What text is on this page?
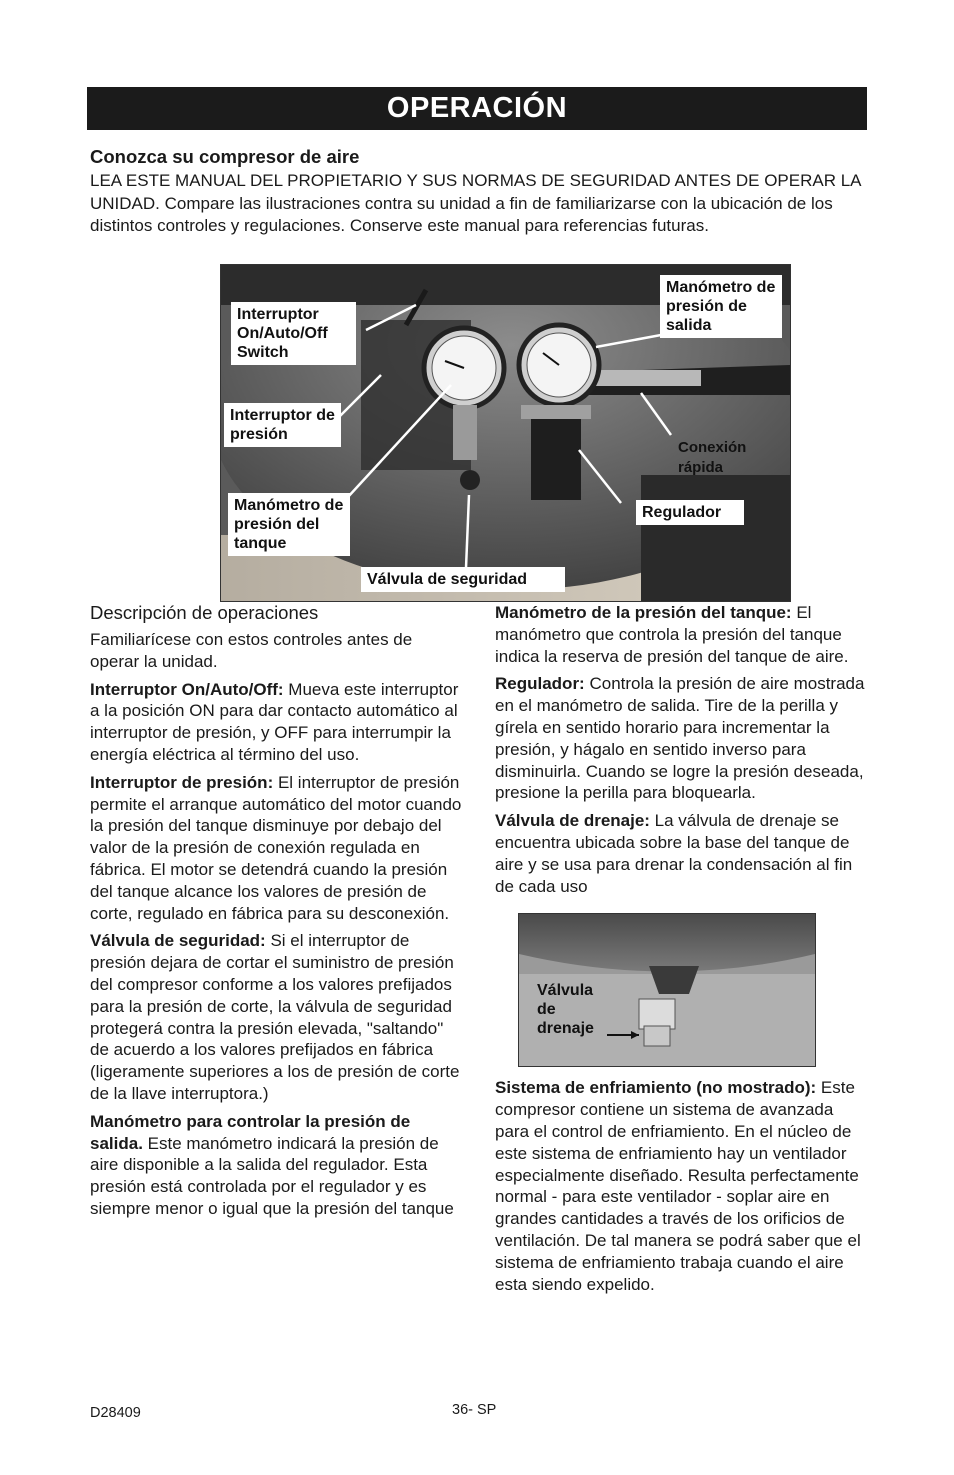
OPERACIÓN
Conozca su compresor de aire

LEA ESTE MANUAL DEL PROPIETARIO Y SUS NORMAS DE SEGURIDAD ANTES DE OPERAR LA UNIDAD. Compare las ilustraciones contra su unidad a fin de familiarizarse con la ubicación de los distintos controles y regulaciones. Conserve este manual para referencias futuras.

Interruptor On/Auto/Off Switch
Interruptor de presión
Manómetro de presión del tanque
Válvula de seguridad
Manómetro de presión de salida
Conexión rápida
Regulador
Descripción de operaciones

Familiarícese con estos controles antes de operar la unidad.

Interruptor On/Auto/Off: Mueva este interruptor a la posición ON para dar contacto automático al interruptor de presión, y OFF para interrumpir la energía eléctrica al término del uso.

Interruptor de presión: El interruptor de presión permite el arranque automático del motor cuando la presión del tanque disminuye por debajo del valor de la presión de conexión regulada en fábrica. El motor se detendrá cuando la presión del tanque alcance los valores de presión de corte, regulado en fábrica para su desconexión.

Válvula de seguridad: Si el interruptor de presión dejara de cortar el suministro de presión del compresor conforme a los valores prefijados para la presión de corte, la válvula de seguridad protegerá contra la presión elevada, "saltando" de acuerdo a los valores prefijados en fábrica (ligeramente superiores a los de presión de corte de la llave interruptora.)

Manómetro para controlar la presión de salida. Este manómetro indicará la presión de aire disponible a la salida del regulador. Esta presión está controlada por el regulador y es siempre menor o igual que la presión del tanque

Manómetro de la presión del tanque: El manómetro que controla la presión del tanque indica la reserva de presión del tanque de aire.

Regulador: Controla la presión de aire mostrada en el manómetro de salida. Tire de la perilla y gírela en sentido horario para incrementar la presión, y hágalo en sentido inverso para disminuirla. Cuando se logre la presión deseada, presione la perilla para bloquearla.

Válvula de drenaje: La válvula de drenaje se encuentra ubicada sobre la base del tanque de aire y se usa para drenar la condensación al fin de cada uso

Válvula de drenaje

Sistema de enfriamiento (no mostrado): Este compresor contiene un sistema de avanzada para el control de enfriamiento. En el núcleo de este sistema de enfriamiento hay un ventilador especialmente diseñado. Resulta perfectamente normal - para este ventilador - soplar aire en grandes cantidades a través de los orificios de ventilación. De tal manera se podrá saber que el sistema de enfriamiento trabaja cuando el aire esta siendo expelido.

D28409	36- SP
